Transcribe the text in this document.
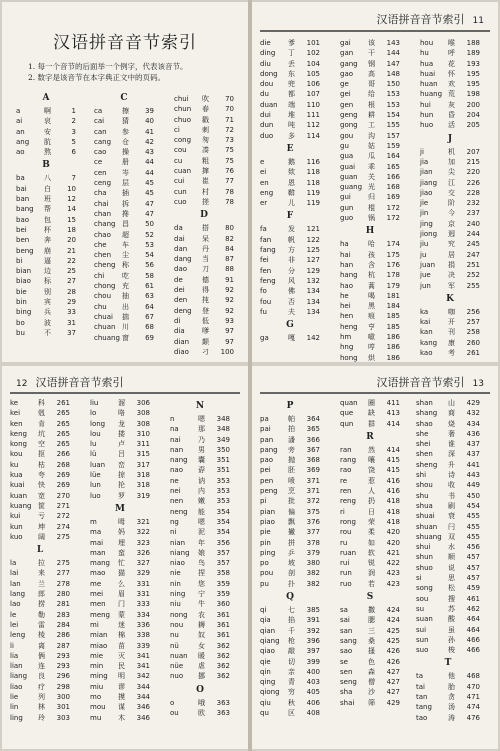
汉语拼音音节索引
1. 每一个音节的后面举一个例字，代表该音节。
2. 数字是该音节在本字典正文中的页码。
A
a	啊	1
ai	哀	2
an	安	3
ang	肮	5
ao	熬	6
B
ba	八	7
bai	白	10
ban	班	12
bang	帮	14
bao	包	15
bei	杯	18
ben	奔	20
beng	崩	21
bi	逼	22
bian	边	25
biao	标	27
bie	别	28
bin	宾	29
bing	兵	33
bo	波	31
bu	不	37
C
ca	擦	39
cai	猜	40
can	参	41
cang	仓	42
cao	操	43
ce	册	44
cen	岑	44
ceng	层	45
cha	插	45
chai	拆	47
chan	搀	47
chang 昌	50
chao	超	52
che	车	53
chen	尘	54
cheng 称	56
chi	吃	58
chong 充	61
chou	抽	63
chu	出	64
chuai	揣	67
chuan 川	68
chuang 窗	69
chui	吹	70
chun	春	70
chuo	戳	71
ci	刺	72
cong	匆	73
cou	凑	75
cu	粗	75
cuan	撺	76
cui	崔	77
cun	村	78
cuo	搓	78
D
da	搭	80
dai	呆	82
dan	丹	84
dang	当	87
dao	刀	88
de	德	91
dei	得	92
den	扽	92
deng	登	92
di	低	93
dia	嗲	97
dian	颠	97
diao	刁	100
汉语拼音音节索引 11
die	爹	101
ding	丁	102
diu	丢	104
dong	东	105
dou	兜	106
du	都	107
duan	端	110
dui	堆	111
dun	吨	112
duo	多	114
E
e	鹅	116
ei	欸	118
en	恩	118
eng	鞥	119
er	儿	119
F
fa	发	121
fan	帆	122
fang	方	125
fei	非	127
fen	分	129
feng	风	132
fo	佛	134
fou	否	134
fu	夫	134
G
ga	嘎	142
gai	该	143
gan	干	144
gang	钢	147
gao	高	148
ge	哥	150
gei	给	153
gen	根	153
geng	耕	154
gong	工	155
gou	沟	157
gu	姑	159
gua	瓜	164
guai	乖	165
guan	关	166
guang 光	168
gui	归	169
gun	棍	172
guo	锅	172
H
ha	哈	174
hai	孩	175
han	含	176
hang	杭	178
hao	蒿	179
he	喝	181
hei	黑	184
hen	痕	185
heng	亨	185
hm	噷	186
hng	哼	186
hong	烘	186
hou	喉	188
hu	呼	189
hua	花	193
huai	怀	195
huan	欢	195
huang 荒	198
hui	灰	200
hun	昏	204
huo	活	205
J
ji	机	207
jia	加	215
jian	尖	220
jiang	江	226
jiao	交	228
jie	阶	232
jin	今	237
jing	京	240
jiong	迥	244
jiu	究	245
ju	居	247
juan	捐	251
jue	决	252
jun	军	255
K
ka	咖	256
kai	开	257
kan	刊	258
kang	康	260
kao	考	261
12 汉语拼音音节索引
ke	科	261
kei	剋	265
ken	肯	265
keng	坑	265
kong	空	265
kou	抠	266
ku	枯	268
kua	夸	269
kuai	快	269
kuan	宽	270
kuang 筐	271
kui	亏	272
kun	坤	274
kuo	阔	275
L
la	拉	275
lai	来	277
lan	兰	278
lang	郎	280
lao	捞	281
le	勒	283
lei	雷	284
leng	棱	286
li	离	287
lia	俩	293
lian	连	293
liang	良	296
liao	疗	298
lie	列	300
lin	林	301
ling	玲	303
liu	溜	306
lo	咯	308
long	龙	308
lou	搂	310
lu	卢	311
lü	吕	315
luan	峦	317
lüe	掠	318
lun	抡	318
luo	罗	319
M
m	呣	321
ma	妈	322
mai	埋	323
man	蛮	326
mang	忙	327
mao	猫	329
me	么	331
mei	眉	331
men	门	333
meng	蒙	334
mi	迷	336
mian	棉	338
miao	苗	339
mie	灭	341
min	民	341
ming	明	342
miu	谬	344
mo	摸	344
mou	谋	346
mu	木	346
N
n	嗯	348
na	那	348
nai	乃	349
nan	男	350
nang	囊	351
nao	孬	351
ne	讷	353
nei	内	353
nen	嫩	353
neng	能	354
ng	嗯	354
ni	泥	354
nian	年	356
niang	娘	357
niao	鸟	357
nie	捏	358
nin	您	359
ning	宁	359
niu	牛	360
nong	农	361
nou	耨	361
nu	奴	361
nü	女	362
nuan	暖	362
nüe	虐	362
nuo	挪	362
O
o	哦	363
ou	欧	363
汉语拼音音节索引 13
P
pa	帕	364
pai	拍	365
pan	潘	366
pang	旁	367
pao	抛	368
pei	胚	369
pen	喷	371
peng	烹	371
pi	批	372
pian	偏	375
piao	飘	376
pie	撇	377
pin	拼	378
ping	乒	379
po	坡	380
pou	剖	382
pu	扑	382
Q
qi	七	385
qia	掐	391
qian	千	392
qiang	枪	396
qiao	敲	397
qie	切	399
qin	亲	400
qing	青	403
qiong	穷	405
qiu	秋	406
qu	区	408
quan	圈	411
que	缺	413
qun	群	414
R
ran	然	414
rang	嚷	415
rao	饶	415
re	惹	416
ren	人	416
reng	扔	418
ri	日	418
rong	荣	418
rou	柔	420
ru	如	420
ruan	软	421
rui	锐	422
run	润	423
ruo	若	423
S
sa	撒	424
sai	腮	424
san	三	425
sang	桑	425
sao	搔	426
se	色	426
sen	森	427
seng	僧	427
sha	沙	427
shai	筛	429
shan	山	429
shang	商	432
shao	烧	434
she	奢	436
shei	谁	437
shen	深	437
sheng	升	441
shi	诗	443
shou	收	449
shu	书	450
shua	刷	454
shuai	衰	455
shuan	闩	455
shuang 双	455
shui	水	456
shun	顺	457
shuo	说	457
si	思	457
song	松	459
sou	搜	461
su	苏	462
suan	酸	464
sui	虽	464
sun	孙	466
suo	梭	466
T
ta	他	468
tai	胎	470
tan	贪	471
tang	汤	474
tao	涛	476
